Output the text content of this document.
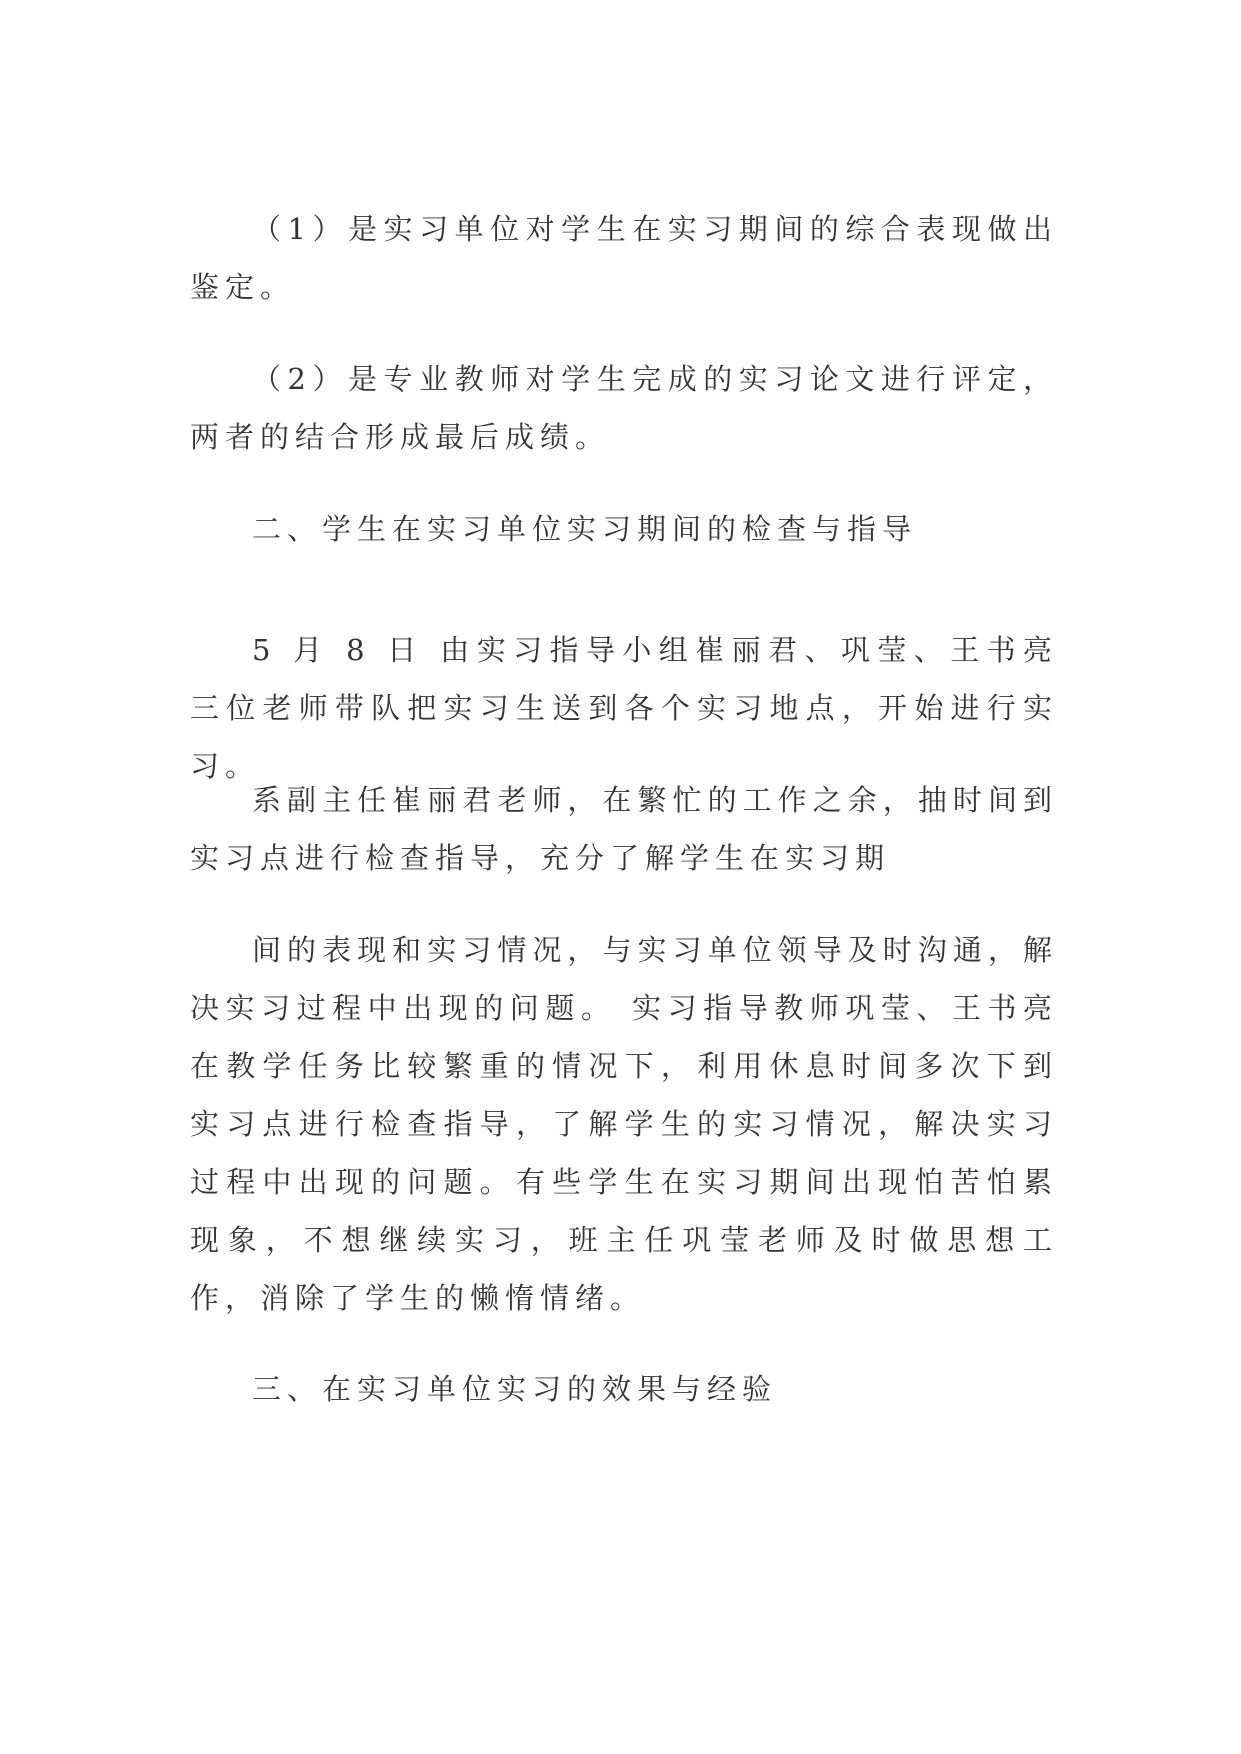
（1）是实习单位对学生在实习期间的综合表现做出鉴定。

（2）是专业教师对学生完成的实习论文进行评定，两者的结合形成最后成绩。

二、学生在实习单位实习期间的检查与指导

5 月 8 日 由实习指导小组崔丽君、巩莹、王书亮三位老师带队把实习生送到各个实习地点，开始进行实习。

系副主任崔丽君老师，在繁忙的工作之余，抽时间到实习点进行检查指导，充分了解学生在实习期

间的表现和实习情况，与实习单位领导及时沟通，解决实习过程中出现的问题。 实习指导教师巩莹、王书亮在教学任务比较繁重的情况下，利用休息时间多次下到实习点进行检查指导，了解学生的实习情况，解决实习过程中出现的问题。有些学生在实习期间出现怕苦怕累现象，不想继续实习，班主任巩莹老师及时做思想工作，消除了学生的懒惰情绪。

三、在实习单位实习的效果与经验
